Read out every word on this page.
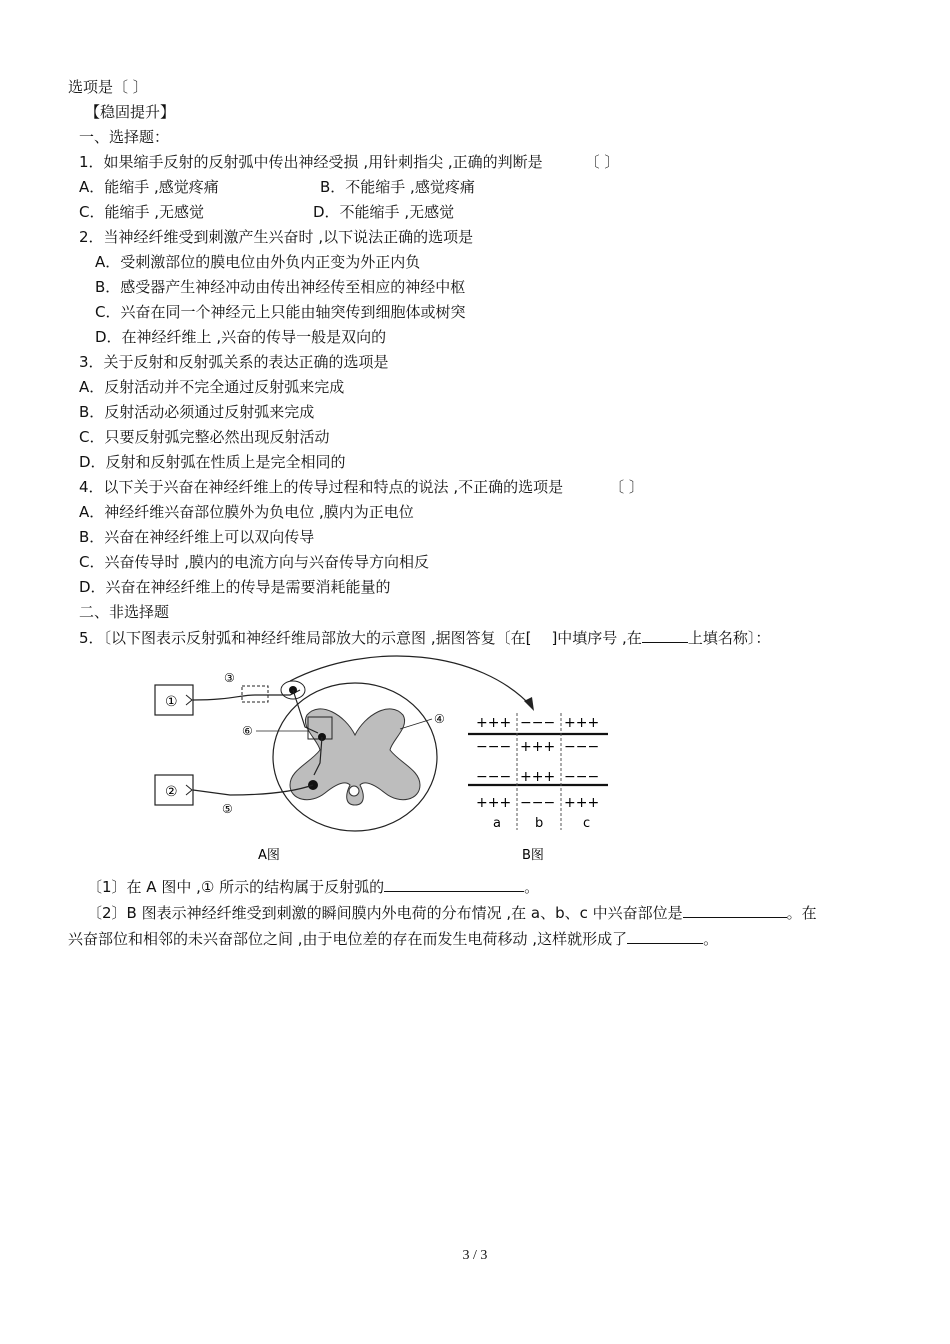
选项是〔 〕
【稳固提升】
一、选择题：
1．如果缩手反射的反射弧中传出神经受损 ,用针刺指尖 ,正确的判断是	〔 〕
A．能缩手 ,感觉疼痛	B．不能缩手 ,感觉疼痛
C．能缩手 ,无感觉	D．不能缩手 ,无感觉
2．当神经纤维受到刺激产生兴奋时 ,以下说法正确的选项是
A．受刺激部位的膜电位由外负内正变为外正内负
B．感受器产生神经冲动由传出神经传至相应的神经中枢
C．兴奋在同一个神经元上只能由轴突传到细胞体或树突
D．在神经纤维上 ,兴奋的传导一般是双向的
3．关于反射和反射弧关系的表达正确的选项是
A．反射活动并不完全通过反射弧来完成
B．反射活动必须通过反射弧来完成
C．只要反射弧完整必然出现反射活动
D．反射和反射弧在性质上是完全相同的
4．以下关于兴奋在神经纤维上的传导过程和特点的说法 ,不正确的选项是	〔 〕
A．神经纤维兴奋部位膜外为负电位 ,膜内为正电位
B．兴奋在神经纤维上可以双向传导
C．兴奋传导时 ,膜内的电流方向与兴奋传导方向相反
D．兴奋在神经纤维上的传导是需要消耗能量的
二、非选择题
5．〔以下图表示反射弧和神经纤维局部放大的示意图 ,据图答复〔在[ ]中填序号 ,在	上填名称〕：
①
②
③
⑥
⑤
④
A图
+++ −−− +++
−−− +++ −−−
−−− +++ −−−
+++ −−− +++
a	b	c
B图
〔1〕在 A 图中 ,① 所示的结构属于反射弧的	。
〔2〕B 图表示神经纤维受到刺激的瞬间膜内外电荷的分布情况 ,在 a、b、c 中兴奋部位是	。在
兴奋部位和相邻的未兴奋部位之间 ,由于电位差的存在而发生电荷移动 ,这样就形成了	。
3 / 3
